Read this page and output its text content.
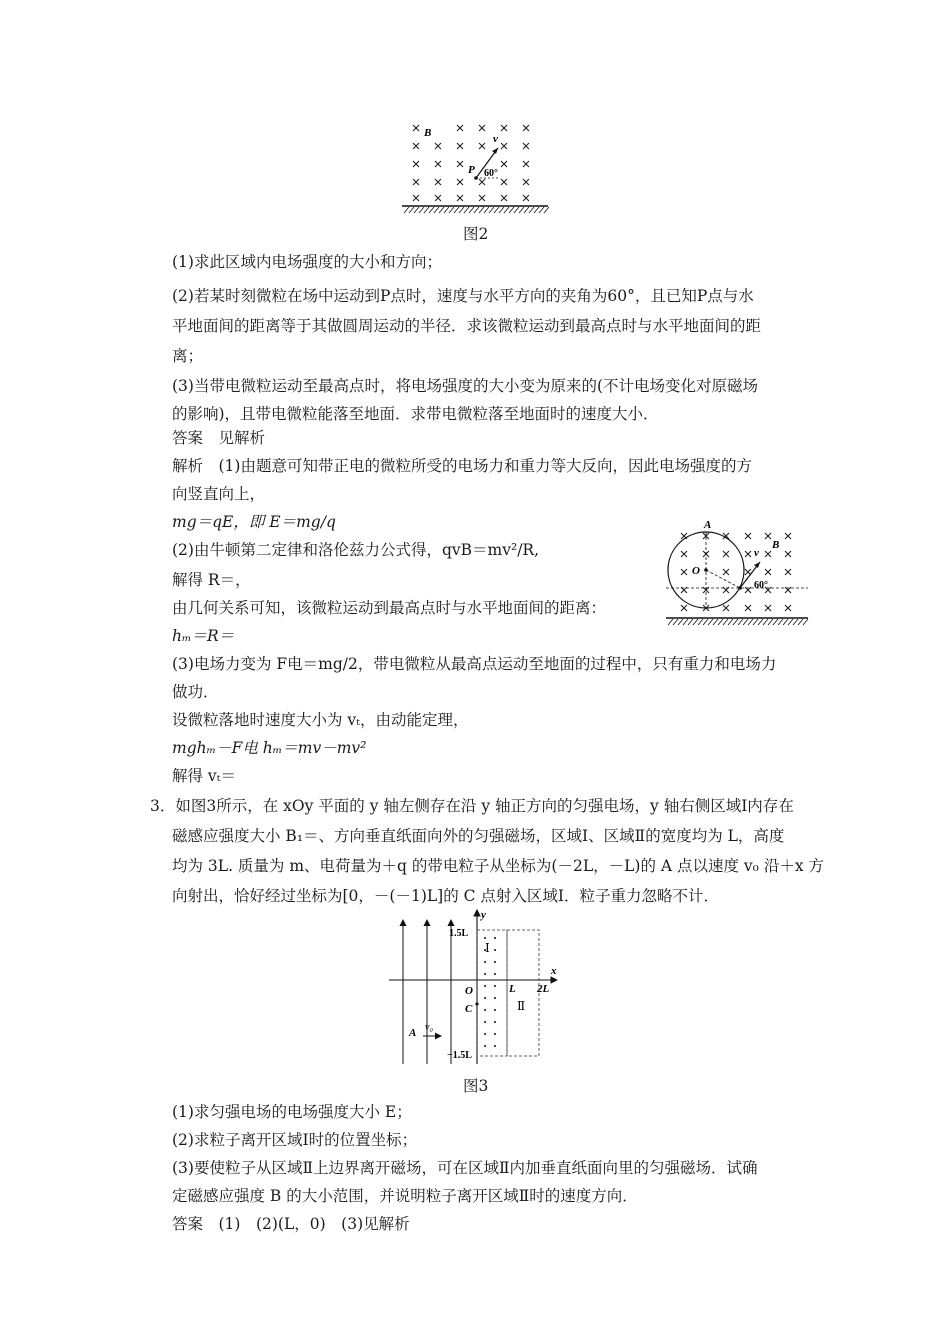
B
P
v
60°
图2
(1)求此区域内电场强度的大小和方向；
(2)若某时刻微粒在场中运动到P点时，速度与水平方向的夹角为60°，且已知P点与水
平地面间的距离等于其做圆周运动的半径．求该微粒运动到最高点时与水平地面间的距
离；
(3)当带电微粒运动至最高点时，将电场强度的大小变为原来的(不计电场变化对原磁场
的影响)，且带电微粒能落至地面．求带电微粒落至地面时的速度大小．
答案　见解析
解析　(1)由题意可知带正电的微粒所受的电场力和重力等大反向，因此电场强度的方
向竖直向上，
mg＝qE，即 E＝mg/q
(2)由牛顿第二定律和洛伦兹力公式得，qvB＝mv²/R,
解得 R＝，
由几何关系可知，该微粒运动到最高点时与水平地面间的距离：
hₘ＝R＝
(3)电场力变为 F电＝mg/2，带电微粒从最高点运动至地面的过程中，只有重力和电场力
做功．
设微粒落地时速度大小为 vₜ，由动能定理，
mghₘ－F电 hₘ＝mv－mv²
解得 vₜ＝
A
O
v
B
60°
3．如图3所示，在 xOy 平面的 y 轴左侧存在沿 y 轴正方向的匀强电场，y 轴右侧区域Ⅰ内存在
磁感应强度大小 B₁＝、方向垂直纸面向外的匀强磁场，区域Ⅰ、区域Ⅱ的宽度均为 L，高度
均为 3L. 质量为 m、电荷量为＋q 的带电粒子从坐标为(－2L，－L)的 A 点以速度 v₀ 沿＋x 方
向射出，恰好经过坐标为[0，－(－1)L]的 C 点射入区域Ⅰ．粒子重力忽略不计．
y
x
1.5L
−1.5L
O	L 2L
C
A v₀
Ⅰ
Ⅱ
图3
(1)求匀强电场的电场强度大小 E；
(2)求粒子离开区域Ⅰ时的位置坐标；
(3)要使粒子从区域Ⅱ上边界离开磁场，可在区域Ⅱ内加垂直纸面向里的匀强磁场．试确
定磁感应强度 B 的大小范围，并说明粒子离开区域Ⅱ时的速度方向．
答案　(1)　(2)(L，0)　(3)见解析
